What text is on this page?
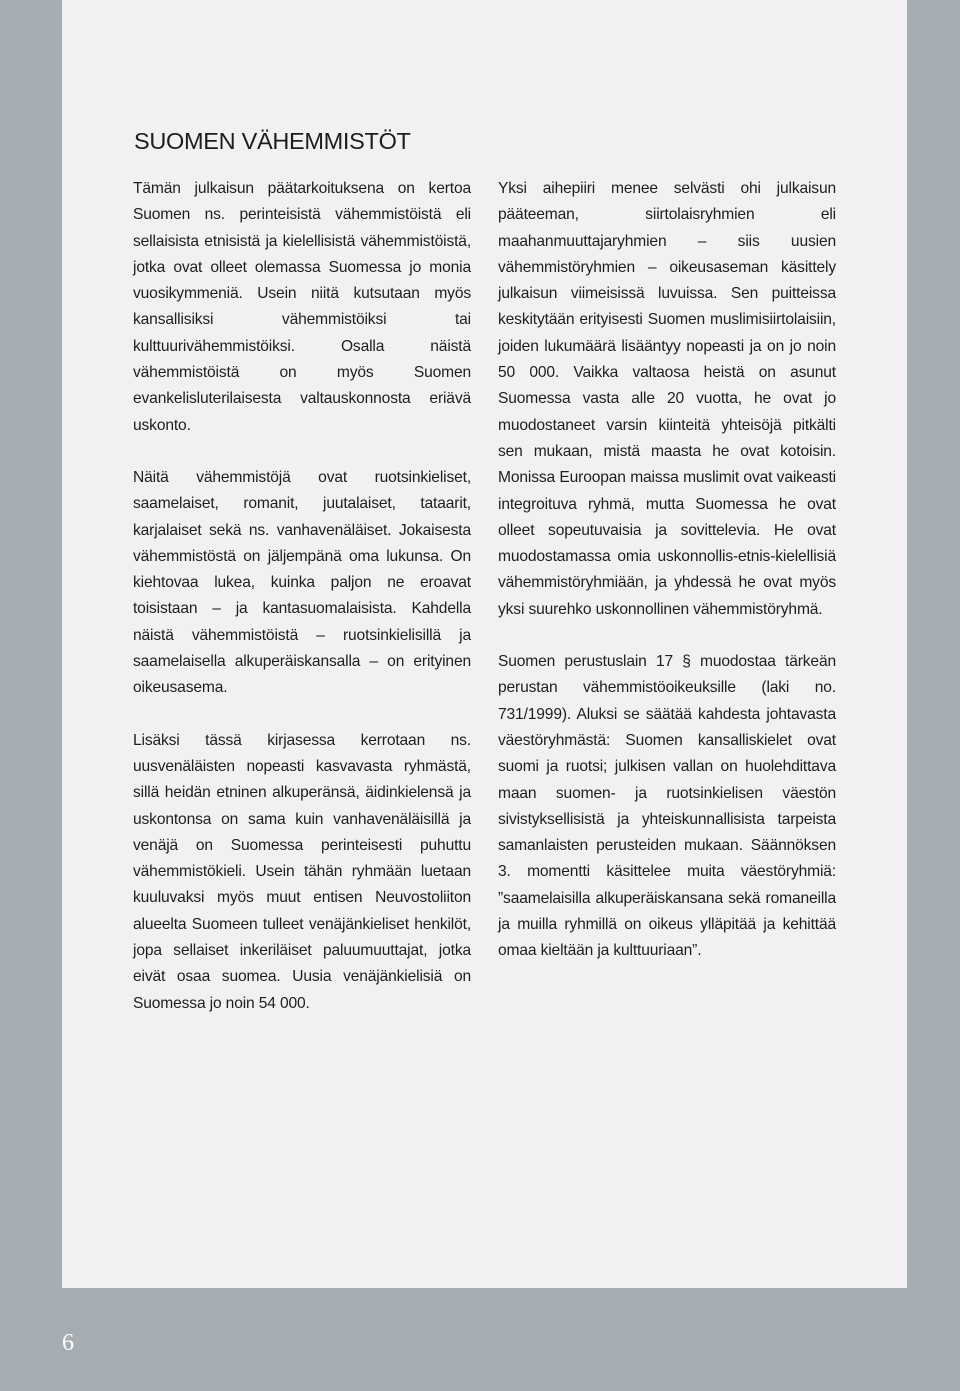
SUOMEN VÄHEMMISTÖT

Tämän julkaisun päätarkoituksena on kertoa Suomen ns. perinteisistä vähemmistöistä eli sellaisista etnisistä ja kielellisistä vähemmistöistä, jotka ovat olleet olemassa Suomessa jo monia vuosikymmeniä. Usein niitä kutsutaan myös kansallisiksi vähemmistöiksi tai kulttuurivähemmistöiksi. Osalla näistä vähemmistöistä on myös Suomen evankelisluterilaisesta valtauskonnosta eriävä uskonto.

Näitä vähemmistöjä ovat ruotsinkieliset, saamelaiset, romanit, juutalaiset, tataarit, karjalaiset sekä ns. vanhavenäläiset. Jokaisesta vähemmistöstä on jäljempänä oma lukunsa. On kiehtovaa lukea, kuinka paljon ne eroavat toisistaan – ja kantasuomalaisista. Kahdella näistä vähemmistöistä – ruotsinkielisillä ja saamelaisella alkuperäiskansalla – on erityinen oikeusasema.

Lisäksi tässä kirjasessa kerrotaan ns. uusvenäläisten nopeasti kasvavasta ryhmästä, sillä heidän etninen alkuperänsä, äidinkielensä ja uskontonsa on sama kuin vanhavenäläisillä ja venäjä on Suomessa perinteisesti puhuttu vähemmistökieli. Usein tähän ryhmään luetaan kuuluvaksi myös muut entisen Neuvostoliiton alueelta Suomeen tulleet venäjänkieliset henkilöt, jopa sellaiset inkeriläiset paluumuuttajat, jotka eivät osaa suomea. Uusia venäjänkielisiä on Suomessa jo noin 54 000.

Yksi aihepiiri menee selvästi ohi julkaisun pääteeman, siirtolaisryhmien eli maahanmuuttajaryhmien – siis uusien vähemmistöryhmien – oikeusaseman käsittely julkaisun viimeisissä luvuissa. Sen puitteissa keskitytään erityisesti Suomen muslimisiirtolaisiin, joiden lukumäärä lisääntyy nopeasti ja on jo noin 50 000. Vaikka valtaosa heistä on asunut Suomessa vasta alle 20 vuotta, he ovat jo muodostaneet varsin kiinteitä yhteisöjä pitkälti sen mukaan, mistä maasta he ovat kotoisin. Monissa Euroopan maissa muslimit ovat vaikeasti integroituva ryhmä, mutta Suomessa he ovat olleet sopeutuvaisia ja sovittelevia. He ovat muodostamassa omia uskonnollis-etnis-kielellisiä vähemmistöryhmiään, ja yhdessä he ovat myös yksi suurehko uskonnollinen vähemmistöryhmä.

Suomen perustuslain 17 § muodostaa tärkeän perustan vähemmistöoikeuksille (laki no. 731/1999). Aluksi se säätää kahdesta johtavasta väestöryhmästä: Suomen kansalliskielet ovat suomi ja ruotsi; julkisen vallan on huolehdittava maan suomen- ja ruotsinkielisen väestön sivistyksellisistä ja yhteiskunnallisista tarpeista samanlaisten perusteiden mukaan. Säännöksen 3. momentti käsittelee muita väestöryhmiä: ”saamelaisilla alkuperäiskansana sekä romaneilla ja muilla ryhmillä on oikeus ylläpitää ja kehittää omaa kieltään ja kulttuuriaan”.

6
